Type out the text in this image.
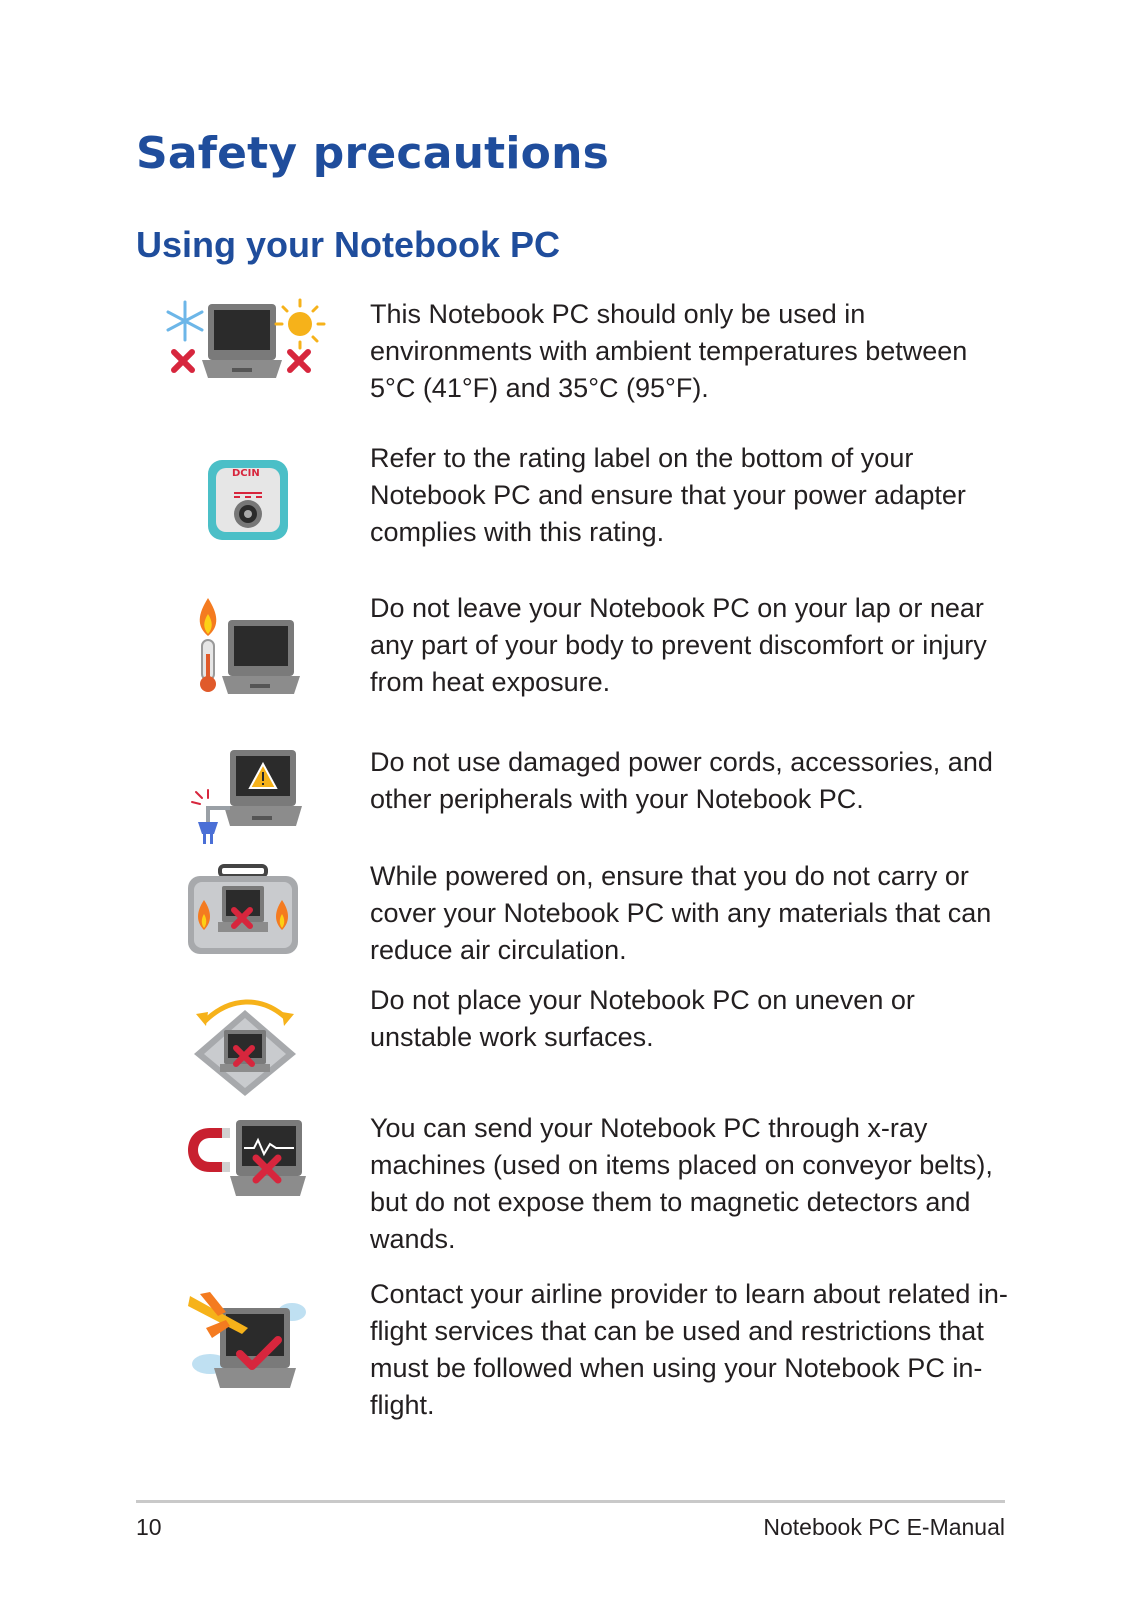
Safety precautions
Using your Notebook PC

This Notebook PC should only be used in environments with ambient temperatures between 5°C (41°F) and 35°C (95°F).

DCIN

Refer to the rating label on the bottom of your Notebook PC and ensure that your power adapter complies with this rating.

Do not leave your Notebook PC on your lap or near any part of your body to prevent discomfort or injury from heat exposure.

Do not use damaged power cords, accessories, and other peripherals with your Notebook PC.

While powered on, ensure that you do not carry or cover your Notebook PC with any materials that can reduce air circulation.

Do not place your Notebook PC on uneven or unstable work surfaces.

You can send your Notebook PC through x-ray machines (used on items placed on conveyor belts), but do not expose them to magnetic detectors and wands.

Contact your airline provider to learn about related in-flight services that can be used and restrictions that must be followed when using your Notebook PC in-flight.

10	Notebook PC E-Manual
